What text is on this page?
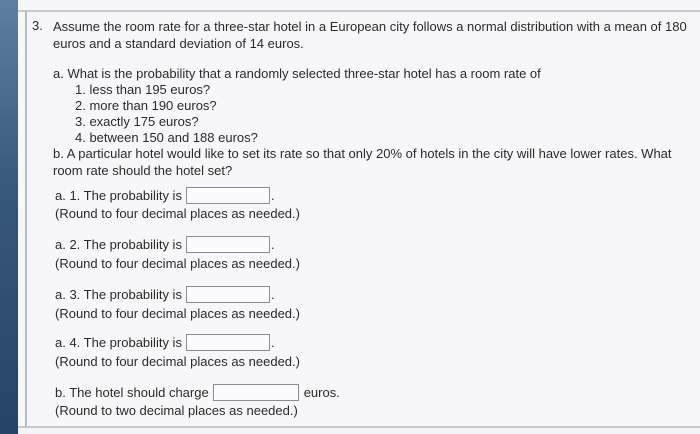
3. Assume the room rate for a three-star hotel in a European city follows a normal distribution with a mean of 180 euros and a standard deviation of 14 euros.
a. What is the probability that a randomly selected three-star hotel has a room rate of
1. less than 195 euros?
2. more than 190 euros?
3. exactly 175 euros?
4. between 150 and 188 euros?
b. A particular hotel would like to set its rate so that only 20% of hotels in the city will have lower rates. What room rate should the hotel set?
a. 1. The probability is	.
(Round to four decimal places as needed.)
a. 2. The probability is	.
(Round to four decimal places as needed.)
a. 3. The probability is	.
(Round to four decimal places as needed.)
a. 4. The probability is	.
(Round to four decimal places as needed.)
b. The hotel should charge	euros.
(Round to two decimal places as needed.)
